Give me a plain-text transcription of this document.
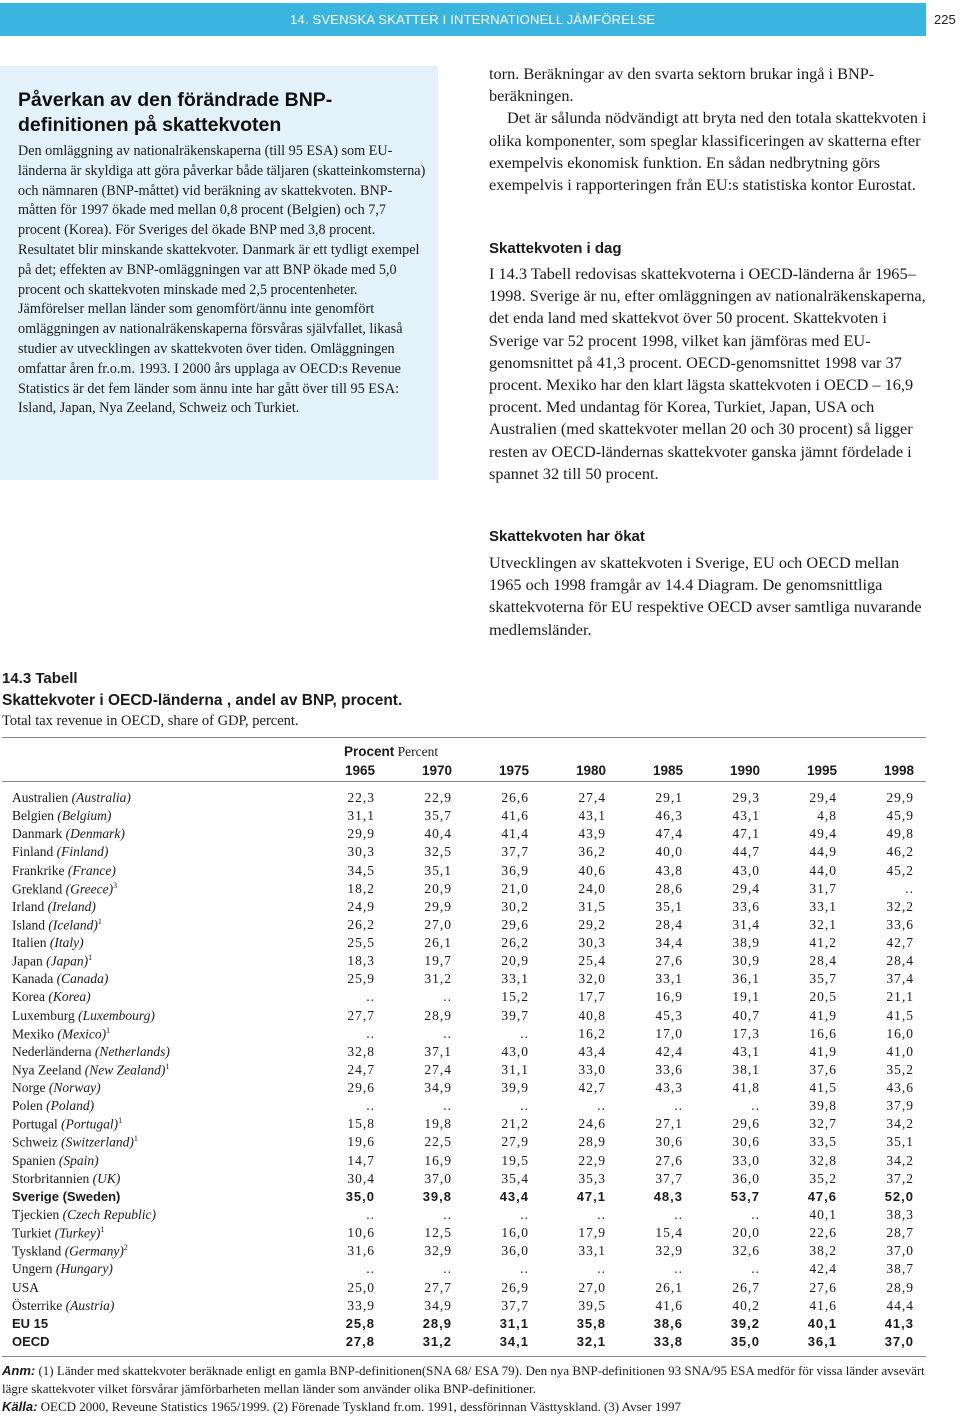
14. SVENSKA SKATTER I INTERNATIONELL JÄMFÖRELSE	225
Påverkan av den förändrade BNP-definitionen på skattekvoten

Den omläggning av nationalräkenskaperna (till 95 ESA) som EU-länderna är skyldiga att göra påverkar både täljaren (skatteinkomsterna) och nämnaren (BNP-måttet) vid beräkning av skattekvoten. BNP-måtten för 1997 ökade med mellan 0,8 procent (Belgien) och 7,7 procent (Korea). För Sveriges del ökade BNP med 3,8 procent. Resultatet blir minskande skattekvoter. Danmark är ett tydligt exempel på det; effekten av BNP-omläggningen var att BNP ökade med 5,0 procent och skattekvoten minskade med 2,5 procentenheter. Jämförelser mellan länder som genomfört/ännu inte genomfört omläggningen av nationalräkenskaperna försvåras självfallet, likaså studier av utvecklingen av skattekvoten över tiden. Omläggningen omfattar åren fr.o.m. 1993. I 2000 års upplaga av OECD:s Revenue Statistics är det fem länder som ännu inte har gått över till 95 ESA: Island, Japan, Nya Zeeland, Schweiz och Turkiet.

torn. Beräkningar av den svarta sektorn brukar ingå i BNP-beräkningen.

Det är sålunda nödvändigt att bryta ned den totala skattekvoten i olika komponenter, som speglar klassificeringen av skatterna efter exempelvis ekonomisk funktion. En sådan nedbrytning görs exempelvis i rapporteringen från EU:s statistiska kontor Eurostat.

Skattekvoten i dag

I 14.3 Tabell redovisas skattekvoterna i OECD-länderna år 1965–1998. Sverige är nu, efter omläggningen av nationalräkenskaperna, det enda land med skattekvot över 50 procent. Skattekvoten i Sverige var 52 procent 1998, vilket kan jämföras med EU-genomsnittet på 41,3 procent. OECD-genomsnittet 1998 var 37 procent. Mexiko har den klart lägsta skattekvoten i OECD – 16,9 procent. Med undantag för Korea, Turkiet, Japan, USA och Australien (med skattekvoter mellan 20 och 30 procent) så ligger resten av OECD-ländernas skattekvoter ganska jämnt fördelade i spannet 32 till 50 procent.

Skattekvoten har ökat

Utvecklingen av skattekvoten i Sverige, EU och OECD mellan 1965 och 1998 framgår av 14.4 Diagram. De genomsnittliga skattekvoterna för EU respektive OECD avser samtliga nuvarande medlemsländer.

14.3 Tabell
Skattekvoter i OECD-länderna , andel av BNP, procent.
Total tax revenue in OECD, share of GDP, percent.
Procent Percent
1965	1970	1975	1980	1985	1990	1995	1998
Australien (Australia)	22,3	22,9	26,6	27,4	29,1	29,3	29,4	29,9
Belgien (Belgium)	31,1	35,7	41,6	43,1	46,3	43,1	4,8	45,9
Danmark (Denmark)	29,9	40,4	41,4	43,9	47,4	47,1	49,4	49,8
Finland (Finland)	30,3	32,5	37,7	36,2	40,0	44,7	44,9	46,2
Frankrike (France)	34,5	35,1	36,9	40,6	43,8	43,0	44,0	45,2
Grekland (Greece)$^3$	18,2	20,9	21,0	24,0	28,6	29,4	31,7	..
Irland (Ireland)	24,9	29,9	30,2	31,5	35,1	33,6	33,1	32,2
Island (Iceland)$^1$	26,2	27,0	29,6	29,2	28,4	31,4	32,1	33,6
Italien (Italy)	25,5	26,1	26,2	30,3	34,4	38,9	41,2	42,7
Japan (Japan)$^1$	18,3	19,7	20,9	25,4	27,6	30,9	28,4	28,4
Kanada (Canada)	25,9	31,2	33,1	32,0	33,1	36,1	35,7	37,4
Korea (Korea)	..	..	15,2	17,7	16,9	19,1	20,5	21,1
Luxemburg (Luxembourg)	27,7	28,9	39,7	40,8	45,3	40,7	41,9	41,5
Mexiko (Mexico)$^1$	..	..	..	16,2	17,0	17,3	16,6	16,0
Nederländerna (Netherlands)	32,8	37,1	43,0	43,4	42,4	43,1	41,9	41,0
Nya Zeeland (New Zealand)$^1$	24,7	27,4	31,1	33,0	33,6	38,1	37,6	35,2
Norge (Norway)	29,6	34,9	39,9	42,7	43,3	41,8	41,5	43,6
Polen (Poland)	..	..	..	..	..	..	39,8	37,9
Portugal (Portugal)$^1$	15,8	19,8	21,2	24,6	27,1	29,6	32,7	34,2
Schweiz (Switzerland)$^1$	19,6	22,5	27,9	28,9	30,6	30,6	33,5	35,1
Spanien (Spain)	14,7	16,9	19,5	22,9	27,6	33,0	32,8	34,2
Storbritannien (UK)	30,4	37,0	35,4	35,3	37,7	36,0	35,2	37,2
Sverige (Sweden)	35,0	39,8	43,4	47,1	48,3	53,7	47,6	52,0
Tjeckien (Czech Republic)	..	..	..	..	..	..	40,1	38,3
Turkiet (Turkey)$^1$	10,6	12,5	16,0	17,9	15,4	20,0	22,6	28,7
Tyskland (Germany)$^2$	31,6	32,9	36,0	33,1	32,9	32,6	38,2	37,0
Ungern (Hungary)	..	..	..	..	..	..	42,4	38,7
USA	25,0	27,7	26,9	27,0	26,1	26,7	27,6	28,9
Österrike (Austria)	33,9	34,9	37,7	39,5	41,6	40,2	41,6	44,4
EU 15	25,8	28,9	31,1	35,8	38,6	39,2	40,1	41,3
OECD	27,8	31,2	34,1	32,1	33,8	35,0	36,1	37,0

Anm: (1) Länder med skattekvoter beräknade enligt en gamla BNP-definitionen(SNA 68/ ESA 79). Den nya BNP-definitionen 93 SNA/95 ESA medför för vissa länder avsevärt lägre skattekvoter vilket försvårar jämförbarheten mellan länder som använder olika BNP-definitioner.

Källa: OECD 2000, Reveune Statistics 1965/1999. (2) Förenade Tyskland fr.om. 1991, dessförinnan Västtyskland. (3) Avser 1997
